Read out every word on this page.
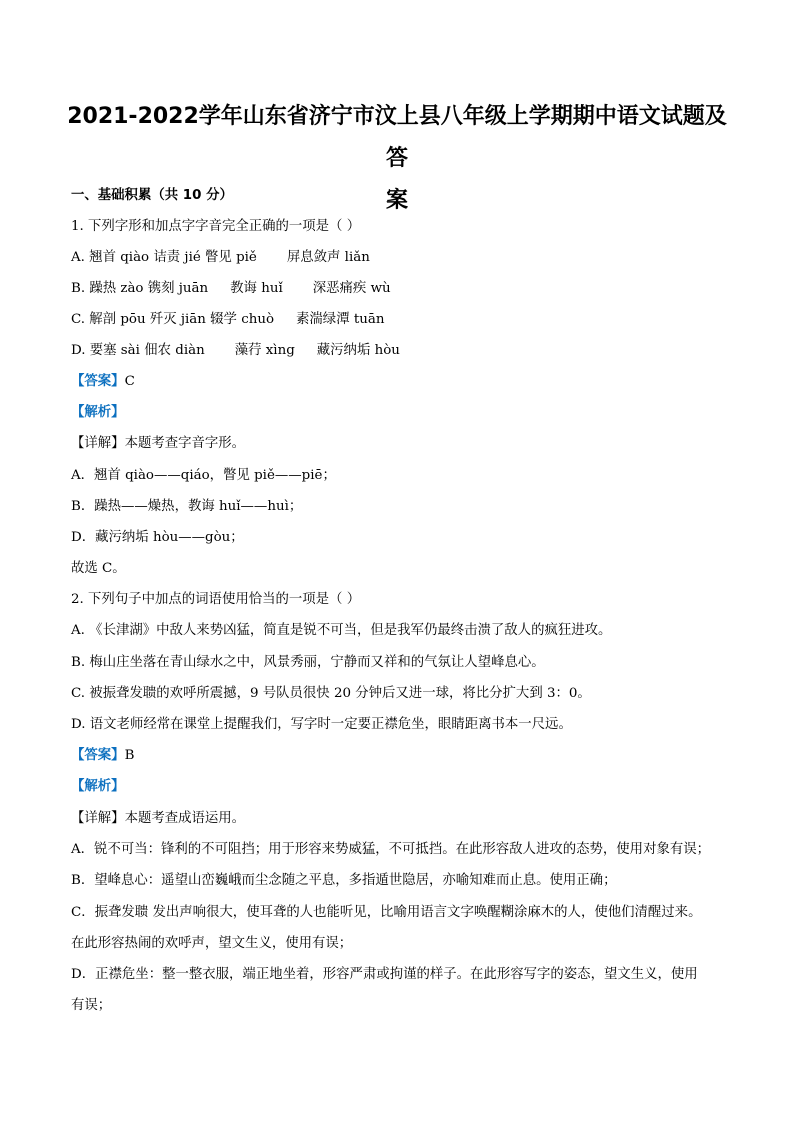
2021-2022学年山东省济宁市汶上县八年级上学期期中语文试题及答
案
一、基础积累（共 10 分）
1. 下列字形和加点字字音完全正确的一项是（ ）
A. 翘首 qiào 诘责 jié 瞥见 piě 屏息敛声 liǎn
B. 躁热 zào 镌刻 juān 教诲 huǐ 深恶痛疾 wù
C. 解剖 pōu 歼灭 jiān 辍学 chuò 素湍绿潭 tuān
D. 要塞 sài 佃农 diàn 藻荇 xìng 藏污纳垢 hòu
【答案】C
【解析】
【详解】本题考查字音字形。
A．翘首 qiào——qiáo，瞥见 piě——piē；
B．躁热——燥热，教诲 huǐ——huì；
D．藏污纳垢 hòu——gòu；
故选 C。
2. 下列句子中加点的词语使用恰当的一项是（ ）
A. 《长津湖》中敌人来势凶猛，简直是锐不可当，但是我军仍最终击溃了敌人的疯狂进攻。
B. 梅山庄坐落在青山绿水之中，风景秀丽，宁静而又祥和的气氛让人望峰息心。
C. 被振聋发聩的欢呼所震撼，9 号队员很快 20 分钟后又进一球，将比分扩大到 3：0。
D. 语文老师经常在课堂上提醒我们，写字时一定要正襟危坐，眼睛距离书本一尺远。
【答案】B
【解析】
【详解】本题考查成语运用。
A．锐不可当：锋利的不可阻挡；用于形容来势威猛，不可抵挡。在此形容敌人进攻的态势，使用对象有误；
B．望峰息心：遥望山峦巍峨而尘念随之平息，多指遁世隐居，亦喻知难而止息。使用正确；
C．振聋发聩 发出声响很大，使耳聋的人也能听见，比喻用语言文字唤醒糊涂麻木的人，使他们清醒过来。
在此形容热闹的欢呼声，望文生义，使用有误；
D．正襟危坐：整一整衣服，端正地坐着，形容严肃或拘谨的样子。在此形容写字的姿态，望文生义，使用
有误；
